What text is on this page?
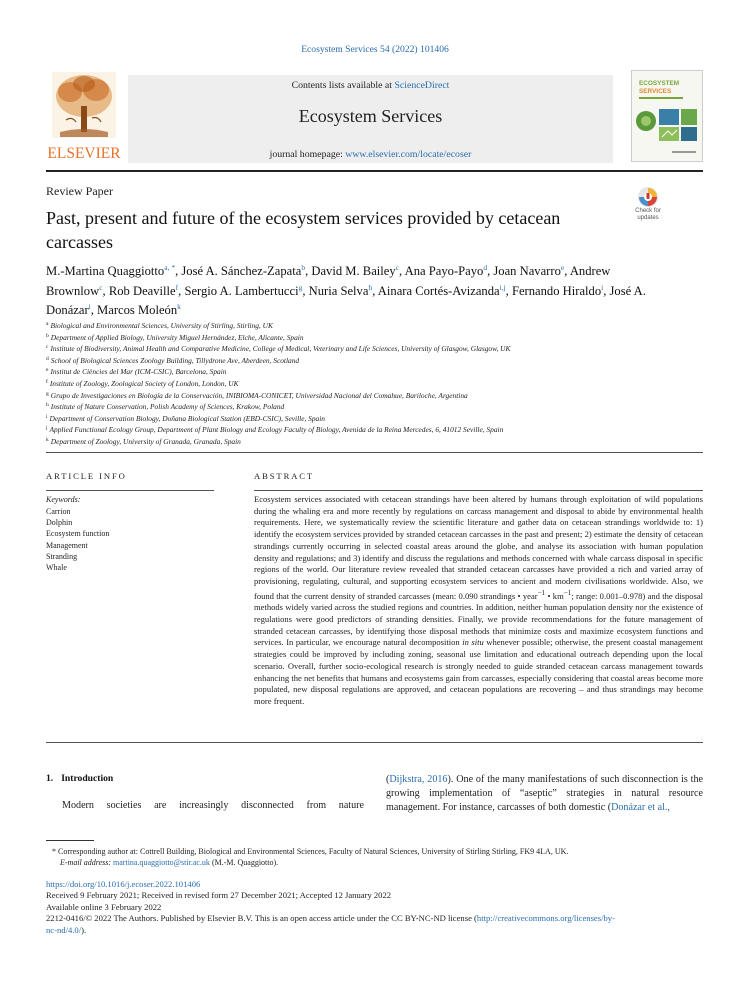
Ecosystem Services 54 (2022) 101406
ELSEVIER
Contents lists available at ScienceDirect
Ecosystem Services
journal homepage: www.elsevier.com/locate/ecoser
ECOSYSTEM
SERVICES
Review Paper
Past, present and future of the ecosystem services provided by cetacean carcasses
Check for updates
M.-Martina Quaggiotto$^{a, *}$, José A. Sánchez-Zapata$^b$, David M. Bailey$^c$, Ana Payo-Payo$^d$, Joan Navarro$^e$, Andrew Brownlow$^c$, Rob Deaville$^f$, Sergio A. Lambertucci$^g$, Nuria Selva$^h$, Ainara Cortés-Avizanda$^{i,j}$, Fernando Hiraldo$^i$, José A. Donázar$^i$, Marcos Moleón$^k$
$^a$ Biological and Environmental Sciences, University of Stirling, Stirling, UK
$^b$ Department of Applied Biology, University Miguel Hernández, Elche, Alicante, Spain
$^c$ Institute of Biodiversity, Animal Health and Comparative Medicine, College of Medical, Veterinary and Life Sciences, University of Glasgow, Glasgow, UK
$^d$ School of Biological Sciences Zoology Building, Tillydrone Ave, Aberdeen, Scotland
$^e$ Institut de Ciències del Mar (ICM-CSIC), Barcelona, Spain
$^f$ Institute of Zoology, Zoological Society of London, London, UK
$^g$ Grupo de Investigaciones en Biología de la Conservación, INIBIOMA-CONICET, Universidad Nacional del Comahue, Bariloche, Argentina
$^h$ Institute of Nature Conservation, Polish Academy of Sciences, Krakow, Poland
$^i$ Department of Conservation Biology, Doñana Biological Station (EBD-CSIC), Seville, Spain
$^j$ Applied Functional Ecology Group, Department of Plant Biology and Ecology Faculty of Biology, Avenida de la Reina Mercedes, 6, 41012 Seville, Spain
$^k$ Department of Zoology, University of Granada, Granada, Spain
ARTICLE INFO
Keywords:
Carrion
Dolphin
Ecosystem function
Management
Stranding
Whale
ABSTRACT

Ecosystem services associated with cetacean strandings have been altered by humans through exploitation of wild populations during the whaling era and more recently by regulations on carcass management and disposal to abide by environmental health requirements. Here, we systematically review the scientific literature and gather data on cetacean strandings worldwide to: 1) identify the ecosystem services provided by stranded cetacean carcasses in the past and present; 2) estimate the density of cetacean strandings currently occurring in selected coastal areas around the globe, and analyse its association with human population density and regulations; and 3) identify and discuss the regulations and methods concerned with whale carcass disposal in specific regions of the world. Our literature review revealed that stranded cetacean carcasses have provided a rich and varied array of provisioning, regulating, cultural, and supporting ecosystem services to ancient and modern civilisations worldwide. Also, we found that the current density of stranded carcasses (mean: 0.090 strandings • year$^{-1}$ • $km^{-1}$; range: 0.001–0.978) and the disposal methods widely varied across the studied regions and countries. In addition, neither human population density nor the existence of regulations were good predictors of stranding densities. Finally, we provide recommendations for the future management of stranded cetacean carcasses, by identifying those disposal methods that minimize costs and maximize ecosystem functions and services. In particular, we encourage natural decomposition in situ whenever possible; otherwise, the present coastal management strategies could be improved by including zoning, seasonal use limitation and educational outreach depending upon the local scenario. Overall, further socio-ecological research is strongly needed to guide stranded cetacean carcass management towards enhancing the net benefits that humans and ecosystems gain from carcasses, especially considering that coastal areas become more populated, new disposal regulations are approved, and cetacean populations are recovering – and thus strandings may become more frequent.

1. Introduction

Modern societies are increasingly disconnected from nature

(Dijkstra, 2016). One of the many manifestations of such disconnection is the growing implementation of “aseptic” strategies in natural resource management. For instance, carcasses of both domestic (Donázar et al.,

* Corresponding author at: Cottrell Building, Biological and Environmental Sciences, Faculty of Natural Sciences, University of Stirling Stirling, FK9 4LA, UK.
E-mail address: martina.quaggiotto@stir.ac.uk (M.-M. Quaggiotto).
https://doi.org/10.1016/j.ecoser.2022.101406
Received 9 February 2021; Received in revised form 27 December 2021; Accepted 12 January 2022
Available online 3 February 2022
2212-0416/© 2022 The Authors. Published by Elsevier B.V. This is an open access article under the CC BY-NC-ND license (http://creativecommons.org/licenses/by-
nc-nd/4.0/).
